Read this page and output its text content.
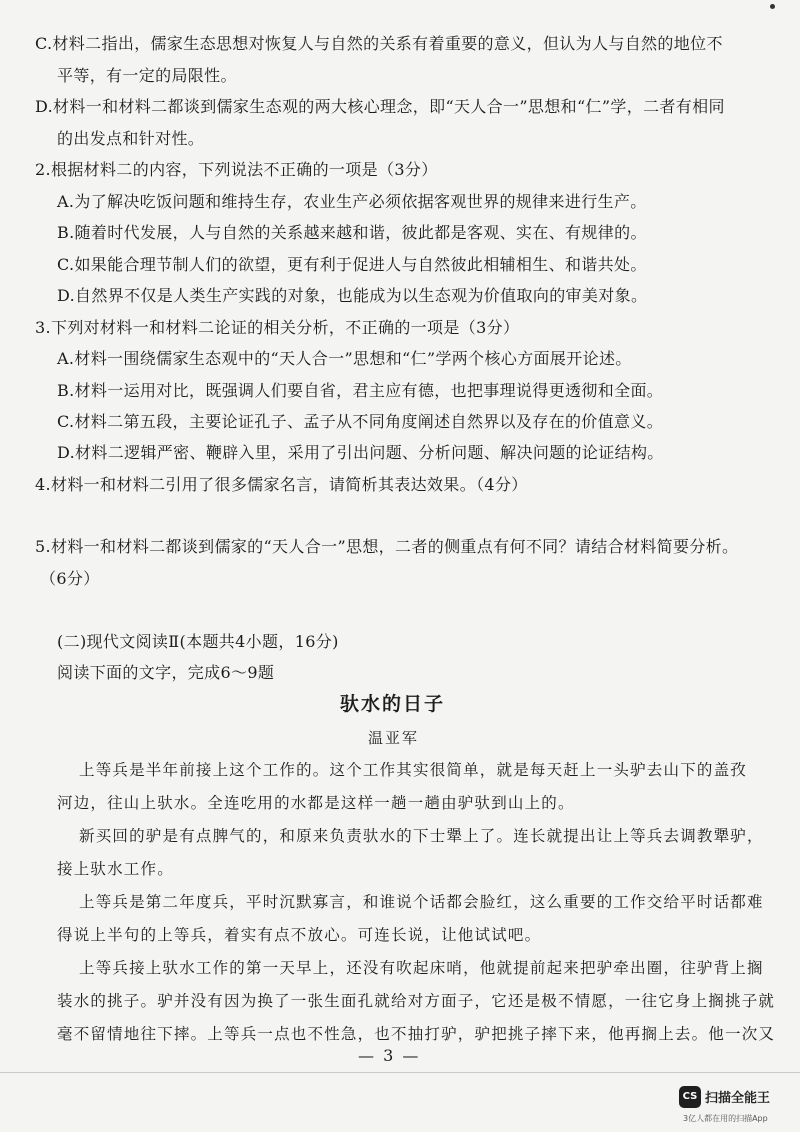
C.材料二指出，儒家生态思想对恢复人与自然的关系有着重要的意义，但认为人与自然的地位不
平等，有一定的局限性。
D.材料一和材料二都谈到儒家生态观的两大核心理念，即“天人合一”思想和“仁”学，二者有相同
的出发点和针对性。
2.根据材料二的内容，下列说法不正确的一项是（3分）
A.为了解决吃饭问题和维持生存，农业生产必须依据客观世界的规律来进行生产。
B.随着时代发展，人与自然的关系越来越和谐，彼此都是客观、实在、有规律的。
C.如果能合理节制人们的欲望，更有利于促进人与自然彼此相辅相生、和谐共处。
D.自然界不仅是人类生产实践的对象，也能成为以生态观为价值取向的审美对象。
3.下列对材料一和材料二论证的相关分析，不正确的一项是（3分）
A.材料一围绕儒家生态观中的“天人合一”思想和“仁”学两个核心方面展开论述。
B.材料一运用对比，既强调人们要自省，君主应有德，也把事理说得更透彻和全面。
C.材料二第五段，主要论证孔子、孟子从不同角度阐述自然界以及存在的价值意义。
D.材料二逻辑严密、鞭辟入里，采用了引出问题、分析问题、解决问题的论证结构。
4.材料一和材料二引用了很多儒家名言，请简析其表达效果。（4分）
5.材料一和材料二都谈到儒家的“天人合一”思想，二者的侧重点有何不同？请结合材料简要分析。
（6分）
(二)现代文阅读Ⅱ(本题共4小题，16分)
阅读下面的文字，完成6～9题
驮水的日子
温亚军
上等兵是半年前接上这个工作的。这个工作其实很简单，就是每天赶上一头驴去山下的盖孜
河边，往山上驮水。全连吃用的水都是这样一趟一趟由驴驮到山上的。
新买回的驴是有点脾气的，和原来负责驮水的下士犟上了。连长就提出让上等兵去调教犟驴，
接上驮水工作。
上等兵是第二年度兵，平时沉默寡言，和谁说个话都会脸红，这么重要的工作交给平时话都难
得说上半句的上等兵，着实有点不放心。可连长说，让他试试吧。
上等兵接上驮水工作的第一天早上，还没有吹起床哨，他就提前起来把驴牵出圈，往驴背上搁
装水的挑子。驴并没有因为换了一张生面孔就给对方面子，它还是极不情愿，一往它身上搁挑子就
毫不留情地往下摔。上等兵一点也不性急，也不抽打驴，驴把挑子摔下来，他再搁上去。他一次又
— 3 —
CS 扫描全能王
3亿人都在用的扫描App
